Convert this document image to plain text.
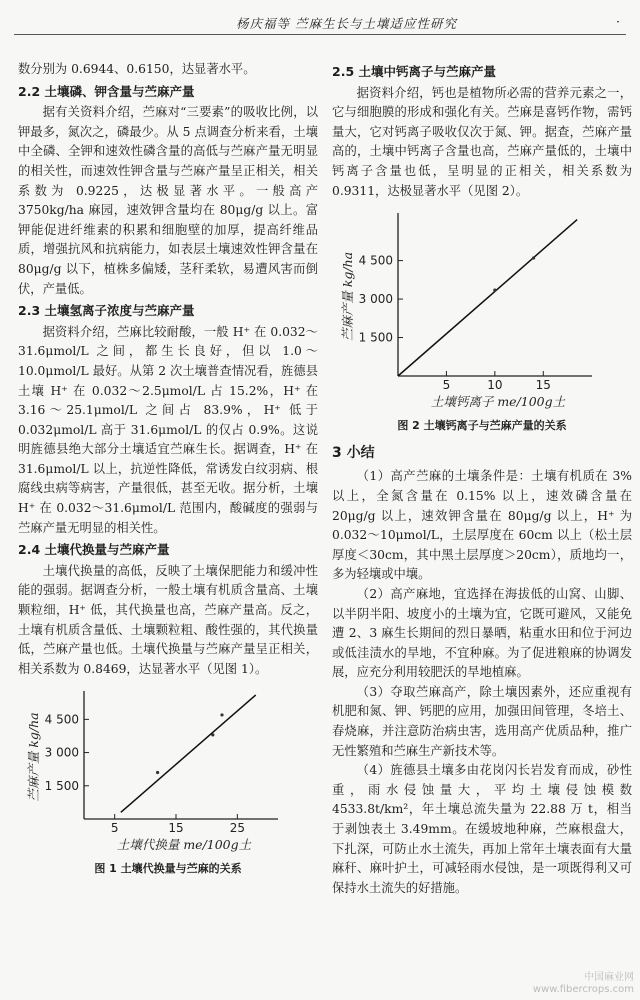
杨庆福等 苎麻生长与土壤适应性研究	·

数分别为 0.6944、0.6150，达显著水平。

2.2 土壤磷、钾含量与苎麻产量

据有关资料介绍，苎麻对“三要素”的吸收比例，以钾最多，氮次之，磷最少。从 5 点调查分析来看，土壤中全磷、全钾和速效性磷含量的高低与苎麻产量无明显的相关性，而速效性钾含量与苎麻产量呈正相关，相关系数为 0.9225，达极显著水平。一般高产 3750kg/ha 麻园，速效钾含量均在 80μg/g 以上。富钾能促进纤维素的积累和细胞壁的加厚，提高纤维品质，增强抗风和抗病能力，如表层土壤速效性钾含量在 80μg/g 以下，植株多偏矮，茎秆柔软，易遭风害而倒伏，产量低。

2.3 土壤氢离子浓度与苎麻产量

据资料介绍，苎麻比较耐酸，一般 H⁺ 在 0.032～31.6μmol/L 之间，都生长良好，但以 1.0～10.0μmol/L 最好。从第 2 次土壤普查情况看，旌德县土壤 H⁺ 在 0.032～2.5μmol/L 占 15.2%，H⁺ 在 3.16～25.1μmol/L 之间占 83.9%，H⁺ 低于 0.032μmol/L 高于 31.6μmol/L 的仅占 0.9%。这说明旌德县绝大部分土壤适宜苎麻生长。据调查，H⁺ 在 31.6μmol/L 以上，抗逆性降低，常诱发白纹羽病、根腐线虫病等病害，产量很低，甚至无收。据分析，土壤 H⁺ 在 0.032～31.6μmol/L 范围内，酸碱度的强弱与苎麻产量无明显的相关性。

2.4 土壤代换量与苎麻产量

土壤代换量的高低，反映了土壤保肥能力和缓冲性能的强弱。据调查分析，一般土壤有机质含量高、土壤颗粒细，H⁺ 低，其代换量也高，苎麻产量高。反之，土壤有机质含量低、土壤颗粒粗、酸性强的，其代换量低，苎麻产量也低。土壤代换量与苎麻产量呈正相关，相关系数为 0.8469，达显著水平（见图 1）。

5	15	25
1 500
3 000
4 500
土壤代换量 me/100g土
苎麻产量 kg/ha
图 1 土壤代换量与苎麻的关系
2.5 土壤中钙离子与苎麻产量

据资料介绍，钙也是植物所必需的营养元素之一，它与细胞膜的形成和强化有关。苎麻是喜钙作物，需钙量大，它对钙离子吸收仅次于氮、钾。据查，苎麻产量高的，土壤中钙离子含量也高，苎麻产量低的，土壤中钙离子含量也低，呈明显的正相关，相关系数为 0.9311，达极显著水平（见图 2）。

5	10	15
1 500
3 000
4 500
土壤钙离子 me/100g土
苎麻产量 kg/ha
图 2 土壤钙离子与苎麻产量的关系
3 小结

（1）高产苎麻的土壤条件是：土壤有机质在 3% 以上，全氮含量在 0.15% 以上，速效磷含量在 20μg/g 以上，速效钾含量在 80μg/g 以上，H⁺ 为 0.032～10μmol/L，土层厚度在 60cm 以上（松土层厚度＜30cm，其中黑土层厚度＞20cm），质地均一，多为轻壤或中壤。

（2）高产麻地，宜选择在海拔低的山窝、山脚、以半阴半阳、坡度小的土壤为宜，它既可避风，又能免遭 2、3 麻生长期间的烈日暴晒，粘重水田和位于河边或低洼渍水的旱地，不宜种麻。为了促进粮麻的协调发展，应充分利用较肥沃的旱地植麻。

（3）夺取苎麻高产，除土壤因素外，还应重视有机肥和氮、钾、钙肥的应用，加强田间管理，冬培土、春烧麻，并注意防治病虫害，选用高产优质品种，推广无性繁殖和苎麻生产新技术等。

（4）旌德县土壤多由花岗闪长岩发育而成，砂性重，雨水侵蚀量大，平均土壤侵蚀模数 4533.8t/km²，年土壤总流失量为 22.88 万 t，相当于剥蚀表土 3.49mm。在缓坡地种麻，苎麻根盘大，下扎深，可防止水土流失，再加上常年土壤表面有大量麻秆、麻叶护土，可减轻雨水侵蚀，是一项既得利又可保持水土流失的好措施。

中国麻业网
www.fibercrops.com
